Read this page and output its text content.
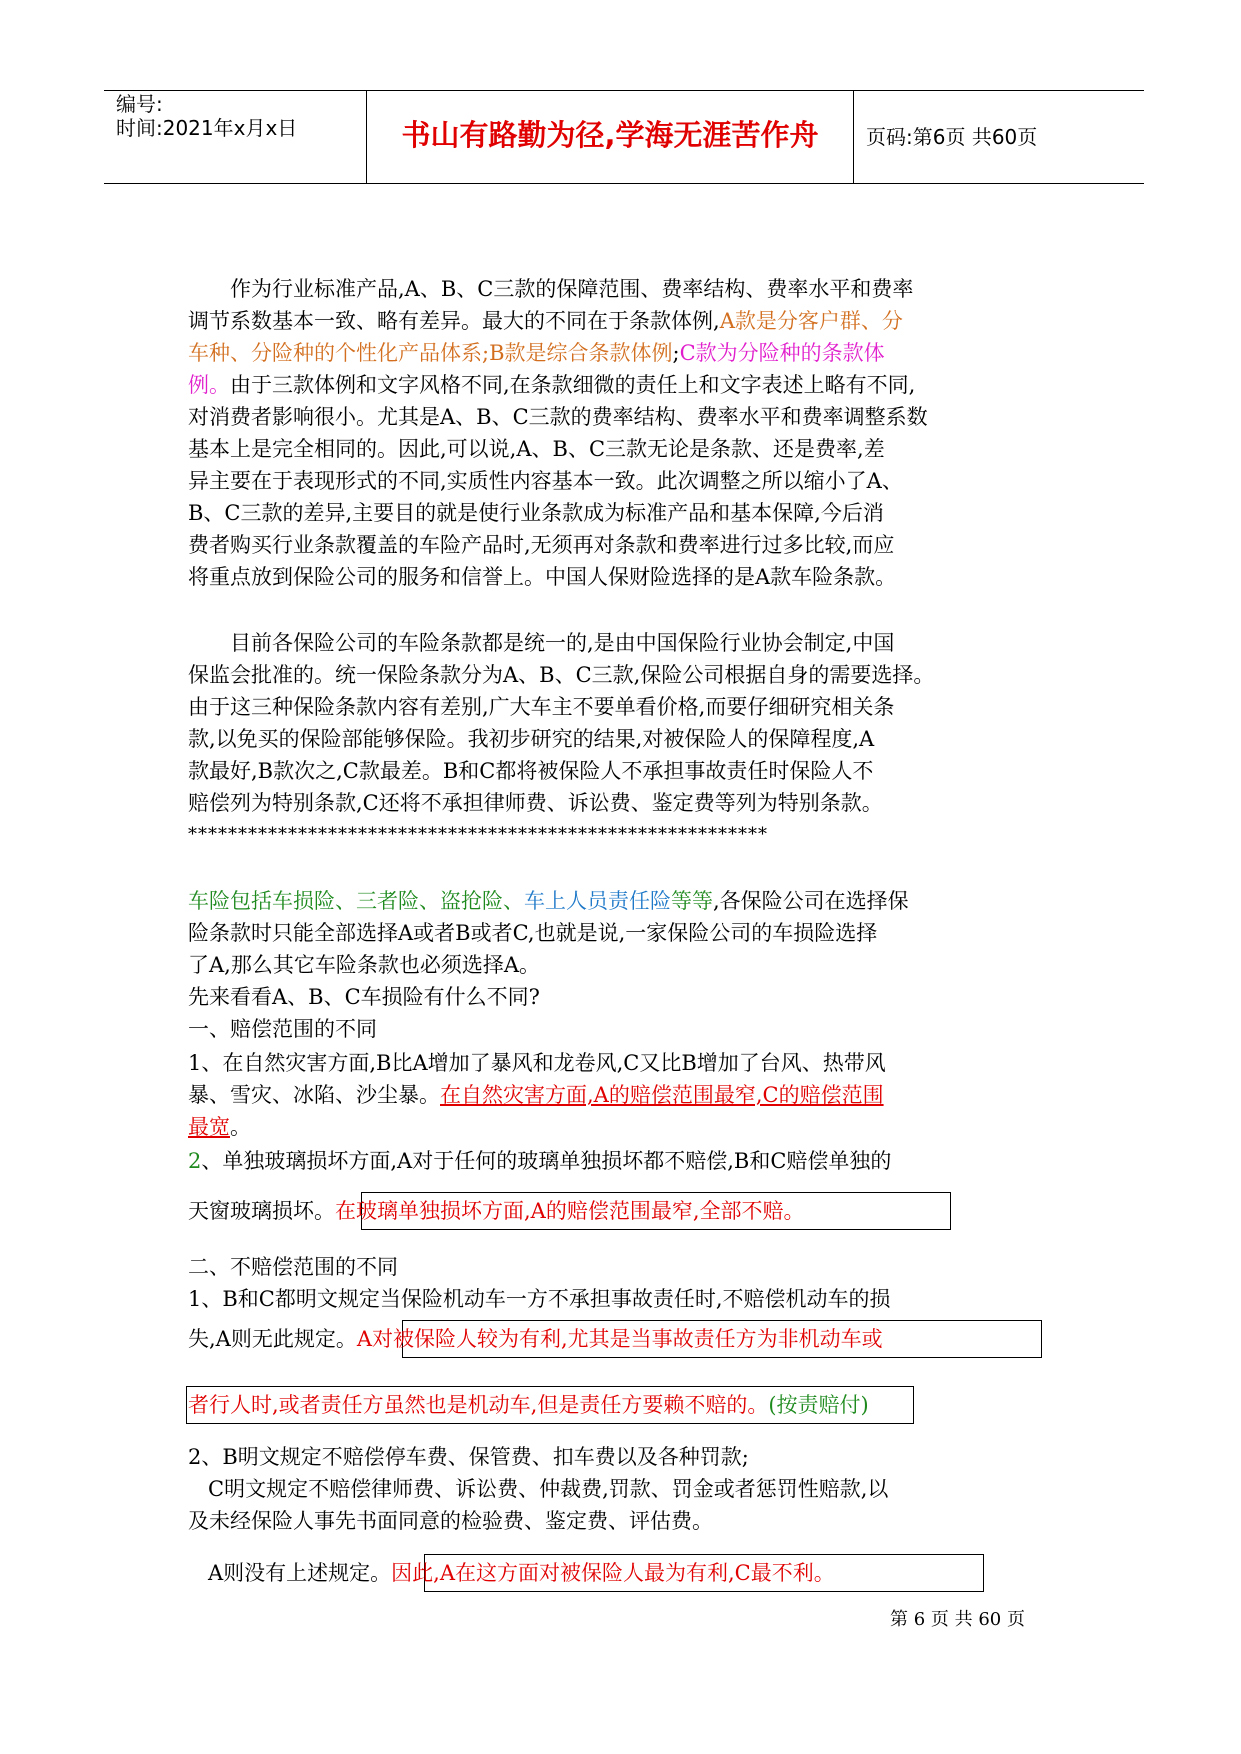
编号:
时间:2021年x月x日	书山有路勤为径,学海无涯苦作舟	页码:第6页 共60页
作为行业标准产品,A、B、C三款的保障范围、费率结构、费率水平和费率
调节系数基本一致、略有差异。最大的不同在于条款体例,A款是分客户群、分
车种、分险种的个性化产品体系;B款是综合条款体例;C款为分险种的条款体
例。由于三款体例和文字风格不同,在条款细微的责任上和文字表述上略有不同,
对消费者影响很小。尤其是A、B、C三款的费率结构、费率水平和费率调整系数
基本上是完全相同的。因此,可以说,A、B、C三款无论是条款、还是费率,差
异主要在于表现形式的不同,实质性内容基本一致。此次调整之所以缩小了A、
B、C三款的差异,主要目的就是使行业条款成为标准产品和基本保障,今后消
费者购买行业条款覆盖的车险产品时,无须再对条款和费率进行过多比较,而应
将重点放到保险公司的服务和信誉上。中国人保财险选择的是A款车险条款。
目前各保险公司的车险条款都是统一的,是由中国保险行业协会制定,中国
保监会批准的。统一保险条款分为A、B、C三款,保险公司根据自身的需要选择。
由于这三种保险条款内容有差别,广大车主不要单看价格,而要仔细研究相关条
款,以免买的保险部能够保险。我初步研究的结果,对被保险人的保障程度,A
款最好,B款次之,C款最差。B和C都将被保险人不承担事故责任时保险人不
赔偿列为特别条款,C还将不承担律师费、诉讼费、鉴定费等列为特别条款。
**********************************************************
车险包括车损险、三者险、盗抢险、车上人员责任险等等,各保险公司在选择保
险条款时只能全部选择A或者B或者C,也就是说,一家保险公司的车损险选择
了A,那么其它车险条款也必须选择A。
先来看看A、B、C车损险有什么不同?
一、赔偿范围的不同
1、在自然灾害方面,B比A增加了暴风和龙卷风,C又比B增加了台风、热带风
暴、雪灾、冰陷、沙尘暴。在自然灾害方面,A的赔偿范围最窄,C的赔偿范围
最宽。
2、单独玻璃损坏方面,A对于任何的玻璃单独损坏都不赔偿,B和C赔偿单独的
天窗玻璃损坏。在玻璃单独损坏方面,A的赔偿范围最窄,全部不赔。
二、不赔偿范围的不同
1、B和C都明文规定当保险机动车一方不承担事故责任时,不赔偿机动车的损
失,A则无此规定。A对被保险人较为有利,尤其是当事故责任方为非机动车或
者行人时,或者责任方虽然也是机动车,但是责任方要赖不赔的。(按责赔付)
2、B明文规定不赔偿停车费、保管费、扣车费以及各种罚款;
C明文规定不赔偿律师费、诉讼费、仲裁费,罚款、罚金或者惩罚性赔款,以
及未经保险人事先书面同意的检验费、鉴定费、评估费。
A则没有上述规定。因此,A在这方面对被保险人最为有利,C最不利。
第 6 页 共 60 页
